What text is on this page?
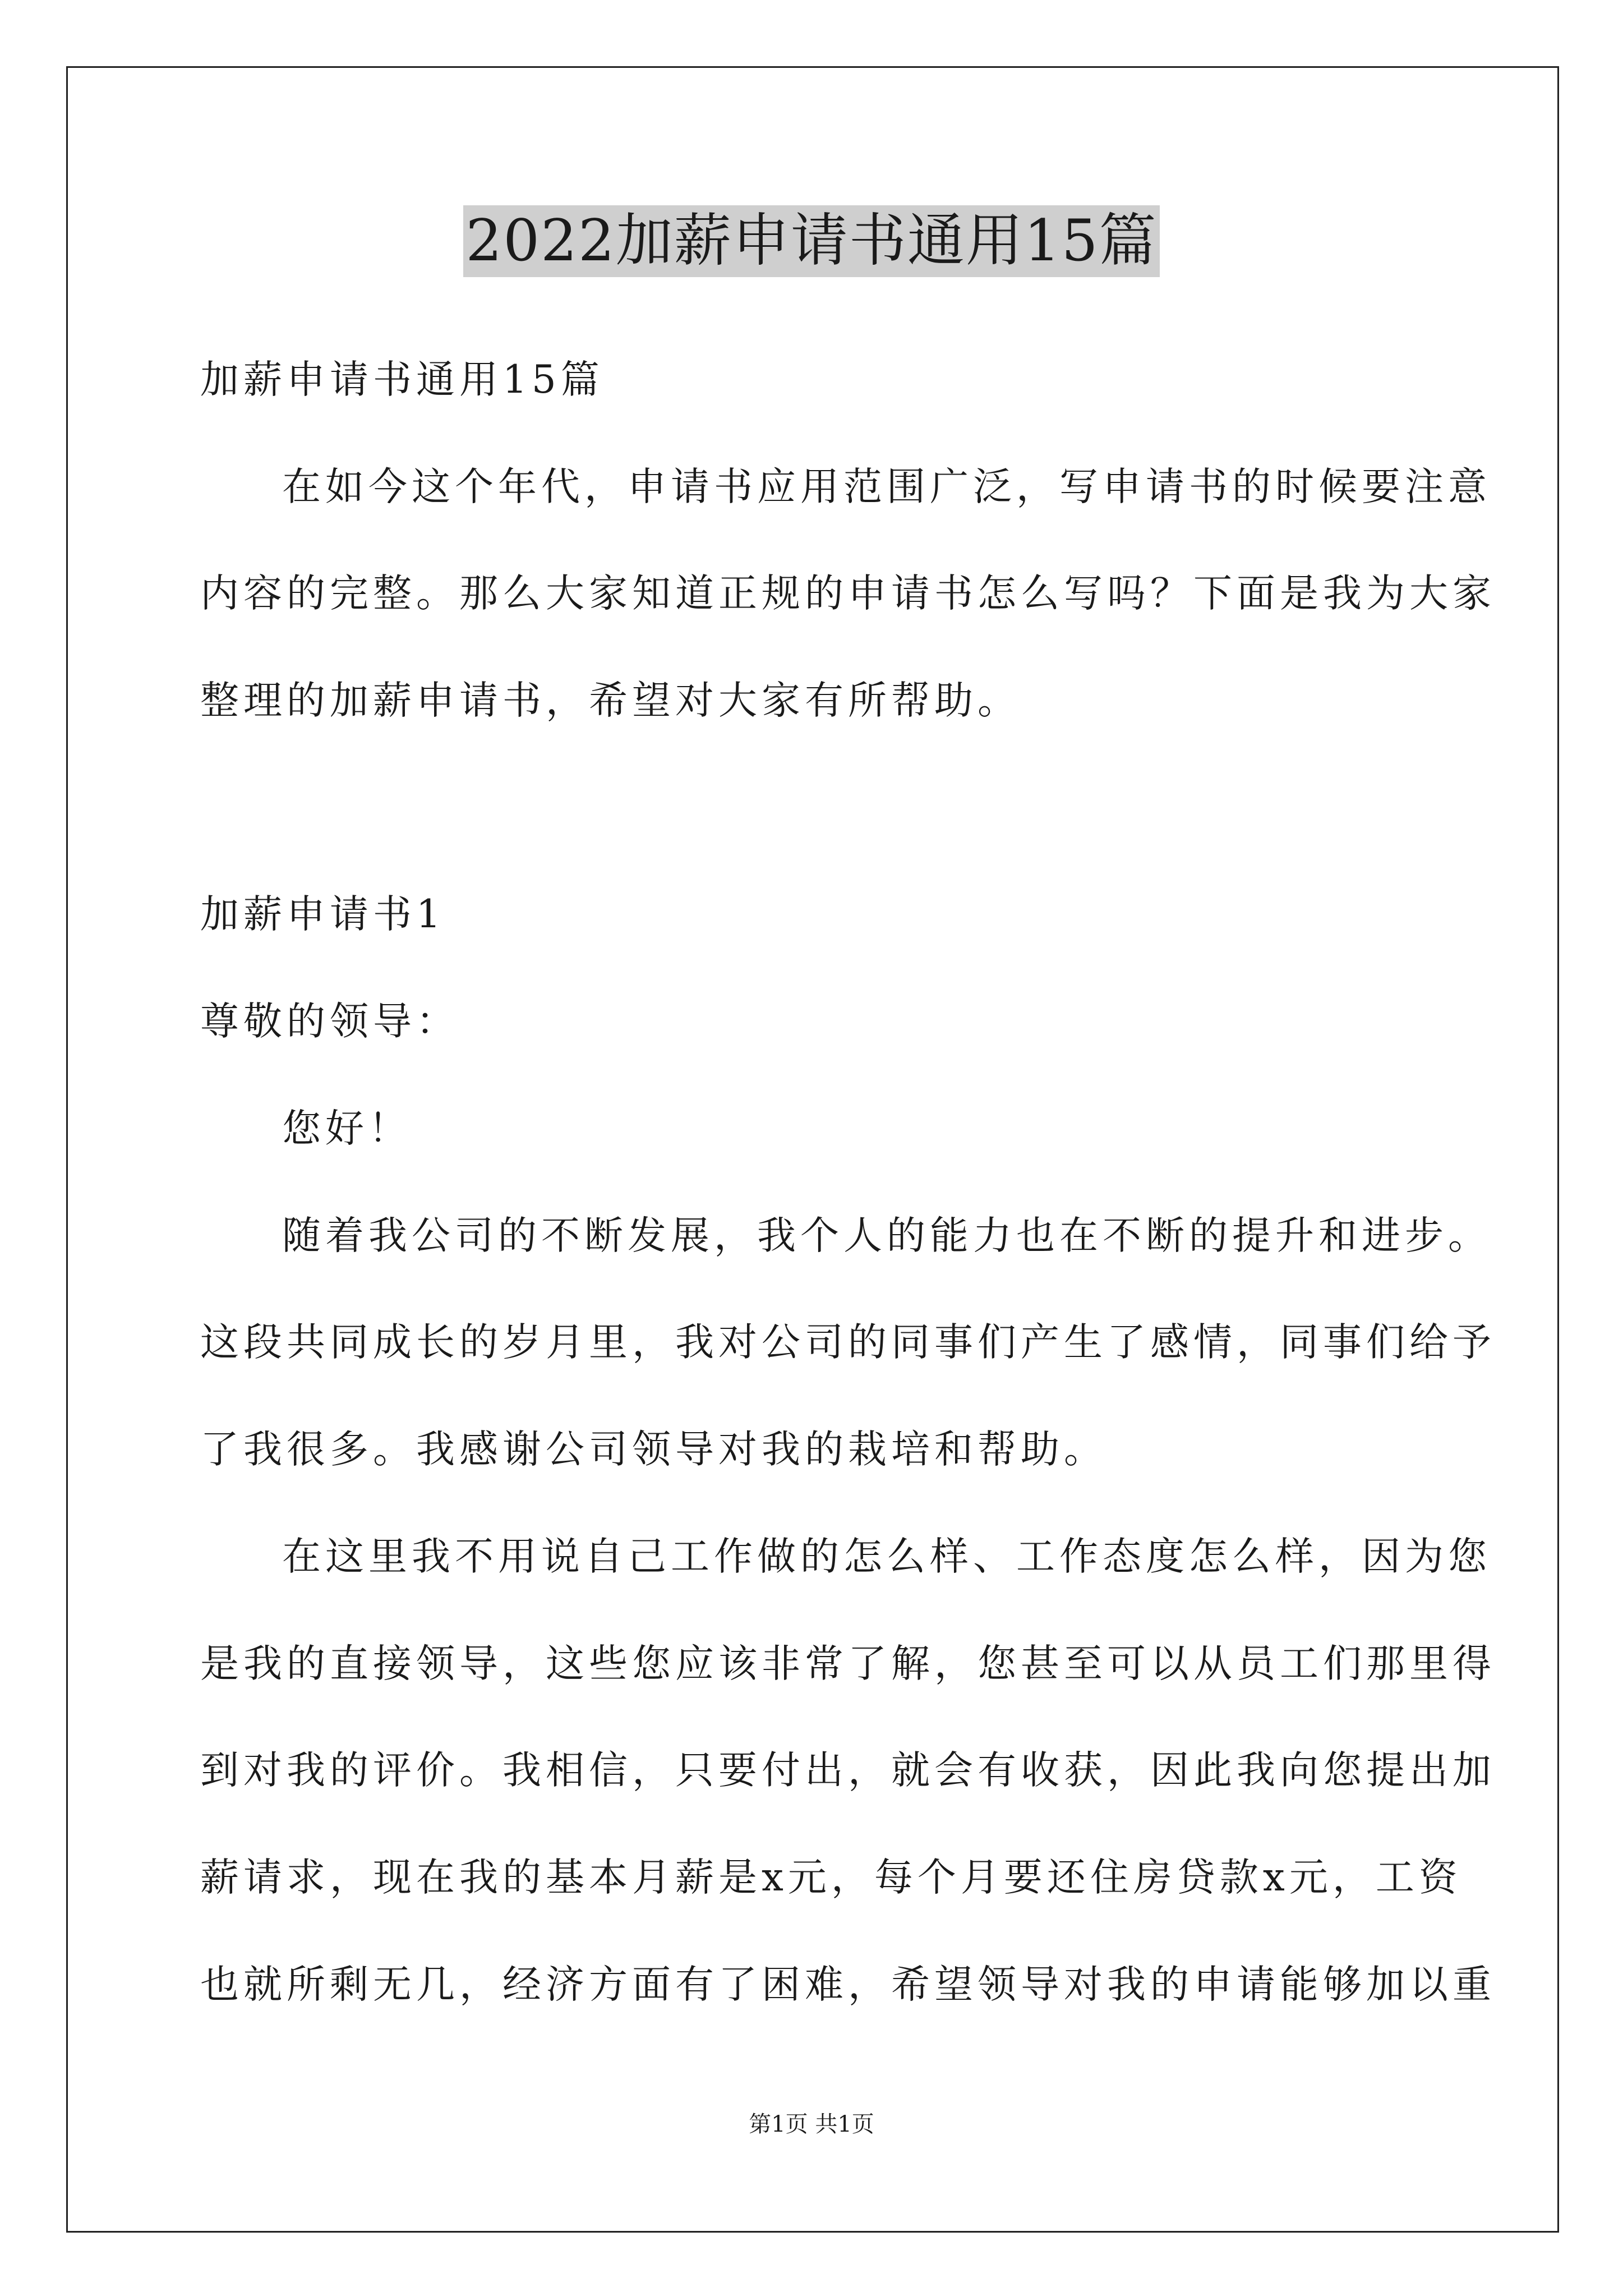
2022加薪申请书通用15篇
加薪申请书通用15篇
在如今这个年代，申请书应用范围广泛，写申请书的时候要注意
内容的完整。那么大家知道正规的申请书怎么写吗？下面是我为大家
整理的加薪申请书，希望对大家有所帮助。
加薪申请书1
尊敬的领导：
您好！
随着我公司的不断发展，我个人的能力也在不断的提升和进步。
这段共同成长的岁月里，我对公司的同事们产生了感情，同事们给予
了我很多。我感谢公司领导对我的栽培和帮助。
在这里我不用说自己工作做的怎么样、工作态度怎么样，因为您
是我的直接领导，这些您应该非常了解，您甚至可以从员工们那里得
到对我的评价。我相信，只要付出，就会有收获，因此我向您提出加
薪请求，现在我的基本月薪是x元，每个月要还住房贷款x元，工资
也就所剩无几，经济方面有了困难，希望领导对我的申请能够加以重
第1页 共1页
